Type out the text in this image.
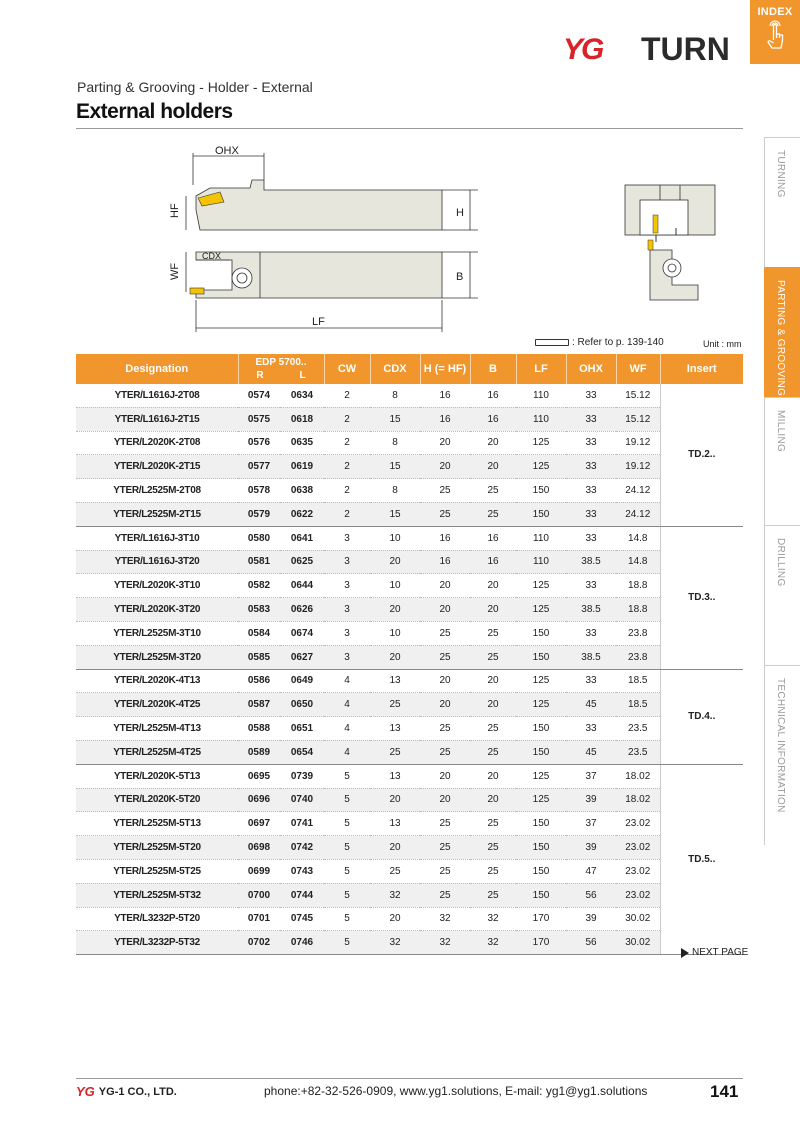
INDEX
YG TURN
Parting & Grooving - Holder - External
External holders
TURNING
PARTING & GROOVING
MILLING
DRILLING
TECHNICAL INFORMATION
OHX
HF	H
WF
CDX
B
LF
: Refer to p. 139-140	Unit : mm
Designation	EDP 5700..
R L		CW	CDX	H (= HF)	B	LF	OHX	WF	Insert
YTER/L1616J-2T08	0574	0634	2	8	16	16	110	33	15.12	TD.2..
YTER/L1616J-2T15	0575	0618	2	15	16	16	110	33	15.12	
YTER/L2020K-2T08	0576	0635	2	8	20	20	125	33	19.12	
YTER/L2020K-2T15	0577	0619	2	15	20	20	125	33	19.12	
YTER/L2525M-2T08	0578	0638	2	8	25	25	150	33	24.12	
YTER/L2525M-2T15	0579	0622	2	15	25	25	150	33	24.12	
YTER/L1616J-3T10	0580	0641	3	10	16	16	110	33	14.8	TD.3..
YTER/L1616J-3T20	0581	0625	3	20	16	16	110	38.5	14.8	
YTER/L2020K-3T10	0582	0644	3	10	20	20	125	33	18.8	
YTER/L2020K-3T20	0583	0626	3	20	20	20	125	38.5	18.8	
YTER/L2525M-3T10	0584	0674	3	10	25	25	150	33	23.8	
YTER/L2525M-3T20	0585	0627	3	20	25	25	150	38.5	23.8	
YTER/L2020K-4T13	0586	0649	4	13	20	20	125	33	18.5	TD.4..
YTER/L2020K-4T25	0587	0650	4	25	20	20	125	45	18.5	
YTER/L2525M-4T13	0588	0651	4	13	25	25	150	33	23.5	
YTER/L2525M-4T25	0589	0654	4	25	25	25	150	45	23.5	
YTER/L2020K-5T13	0695	0739	5	13	20	20	125	37	18.02	TD.5..
YTER/L2020K-5T20	0696	0740	5	20	20	20	125	39	18.02	
YTER/L2525M-5T13	0697	0741	5	13	25	25	150	37	23.02	
YTER/L2525M-5T20	0698	0742	5	20	25	25	150	39	23.02	
YTER/L2525M-5T25	0699	0743	5	25	25	25	150	47	23.02	
YTER/L2525M-5T32	0700	0744	5	32	25	25	150	56	23.02	
YTER/L3232P-5T20	0701	0745	5	20	32	32	170	39	30.02	
YTER/L3232P-5T32	0702	0746	5	32	32	32	170	56	30.02	
NEXT PAGE
YG YG-1 CO., LTD.	phone:+82-32-526-0909, www.yg1.solutions, E-mail: yg1@yg1.solutions	141
